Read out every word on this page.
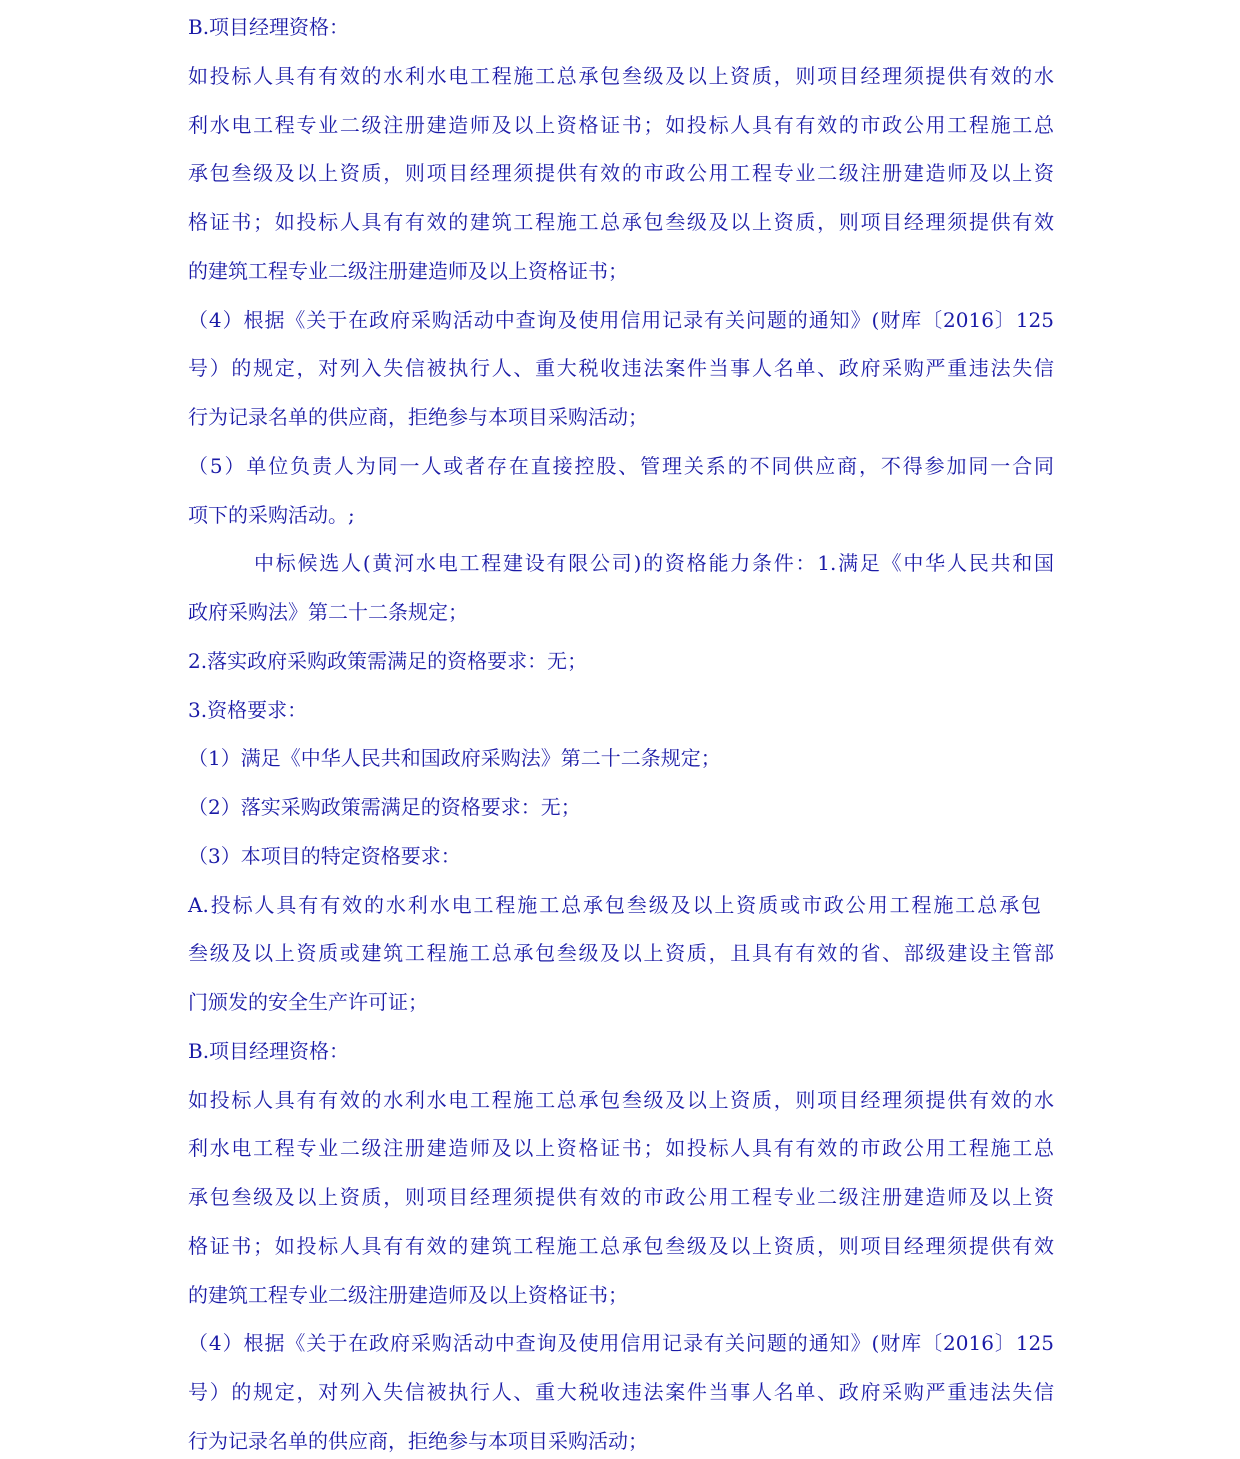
B.项目经理资格：
如投标人具有有效的水利水电工程施工总承包叁级及以上资质，则项目经理须提供有效的水
利水电工程专业二级注册建造师及以上资格证书；如投标人具有有效的市政公用工程施工总
承包叁级及以上资质，则项目经理须提供有效的市政公用工程专业二级注册建造师及以上资
格证书；如投标人具有有效的建筑工程施工总承包叁级及以上资质，则项目经理须提供有效
的建筑工程专业二级注册建造师及以上资格证书；
（4）根据《关于在政府采购活动中查询及使用信用记录有关问题的通知》(财库〔2016〕125
号）的规定，对列入失信被执行人、重大税收违法案件当事人名单、政府采购严重违法失信
行为记录名单的供应商，拒绝参与本项目采购活动；
（5）单位负责人为同一人或者存在直接控股、管理关系的不同供应商，不得参加同一合同
项下的采购活动。;
中标候选人(黄河水电工程建设有限公司)的资格能力条件：1.满足《中华人民共和国
政府采购法》第二十二条规定；
2.落实政府采购政策需满足的资格要求：无；
3.资格要求：
（1）满足《中华人民共和国政府采购法》第二十二条规定；
（2）落实采购政策需满足的资格要求：无；
（3）本项目的特定资格要求：
A.投标人具有有效的水利水电工程施工总承包叁级及以上资质或市政公用工程施工总承包
叁级及以上资质或建筑工程施工总承包叁级及以上资质，且具有有效的省、部级建设主管部
门颁发的安全生产许可证；
B.项目经理资格：
如投标人具有有效的水利水电工程施工总承包叁级及以上资质，则项目经理须提供有效的水
利水电工程专业二级注册建造师及以上资格证书；如投标人具有有效的市政公用工程施工总
承包叁级及以上资质，则项目经理须提供有效的市政公用工程专业二级注册建造师及以上资
格证书；如投标人具有有效的建筑工程施工总承包叁级及以上资质，则项目经理须提供有效
的建筑工程专业二级注册建造师及以上资格证书；
（4）根据《关于在政府采购活动中查询及使用信用记录有关问题的通知》(财库〔2016〕125
号）的规定，对列入失信被执行人、重大税收违法案件当事人名单、政府采购严重违法失信
行为记录名单的供应商，拒绝参与本项目采购活动；
